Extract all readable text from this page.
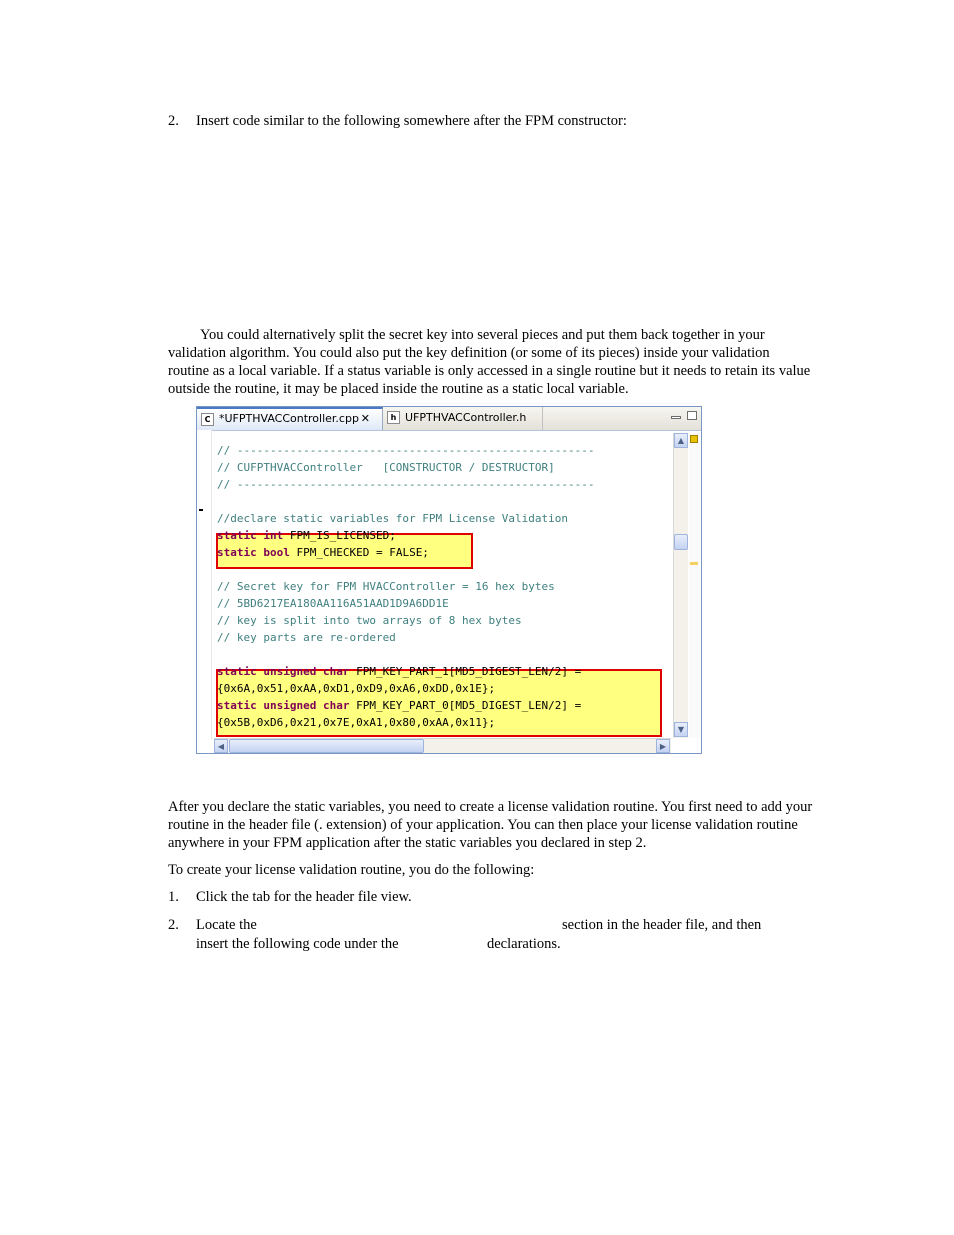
2. Insert code similar to the following somewhere after the FPM constructor:
You could alternatively split the secret key into several pieces and put them back together in your validation algorithm. You could also put the key definition (or some of its pieces) inside your validation routine as a local variable. If a status variable is only accessed in a single routine but it needs to retain its value outside the routine, it may be placed inside the routine as a static local variable.
C *UFPTHVACController.cpp ✕	h UFPTHVACController.h
// ------------------------------------------------------
// CUFPTHVACController   [CONSTRUCTOR / DESTRUCTOR]
// ------------------------------------------------------
//declare static variables for FPM License Validation
static int FPM_IS_LICENSED;
static bool FPM_CHECKED = FALSE;
// Secret key for FPM HVACController = 16 hex bytes
// 5BD6217EA180AA116A51AAD1D9A6DD1E
// key is split into two arrays of 8 hex bytes
// key parts are re-ordered
static unsigned char FPM_KEY_PART_1[MD5_DIGEST_LEN/2] =
{0x6A,0x51,0xAA,0xD1,0xD9,0xA6,0xDD,0x1E};
static unsigned char FPM_KEY_PART_0[MD5_DIGEST_LEN/2] =
{0x5B,0xD6,0x21,0x7E,0xA1,0x80,0xAA,0x11};
▲
▼
◀	▶
After you declare the static variables, you need to create a license validation routine. You first need to add your routine in the header file (. extension) of your application. You can then place your license validation routine anywhere in your FPM application after the static variables you declared in step 2.
To create your license validation routine, you do the following:
1. Click the tab for the header file view.
2. Locate the	section in the header file, and then
insert the following code under the	declarations.
